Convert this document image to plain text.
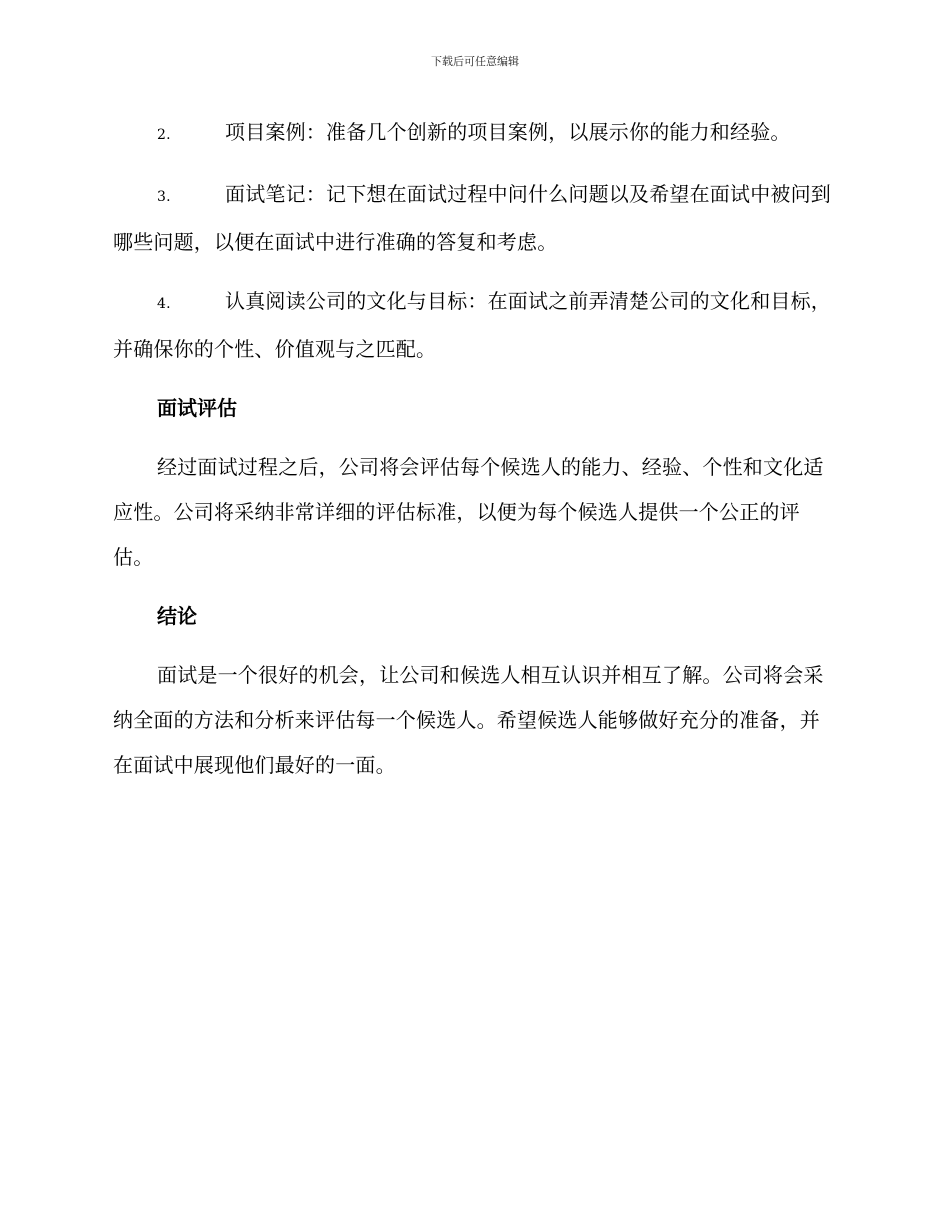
下载后可任意编辑

2.	项目案例：准备几个创新的项目案例，以展示你的能力和经验。

3.	面试笔记：记下想在面试过程中问什么问题以及希望在面试中被问到哪些问题，以便在面试中进行准确的答复和考虑。

4.	认真阅读公司的文化与目标：在面试之前弄清楚公司的文化和目标，并确保你的个性、价值观与之匹配。

面试评估

经过面试过程之后，公司将会评估每个候选人的能力、经验、个性和文化适应性。公司将采纳非常详细的评估标准，以便为每个候选人提供一个公正的评估。

结论

面试是一个很好的机会，让公司和候选人相互认识并相互了解。公司将会采纳全面的方法和分析来评估每一个候选人。希望候选人能够做好充分的准备，并在面试中展现他们最好的一面。
